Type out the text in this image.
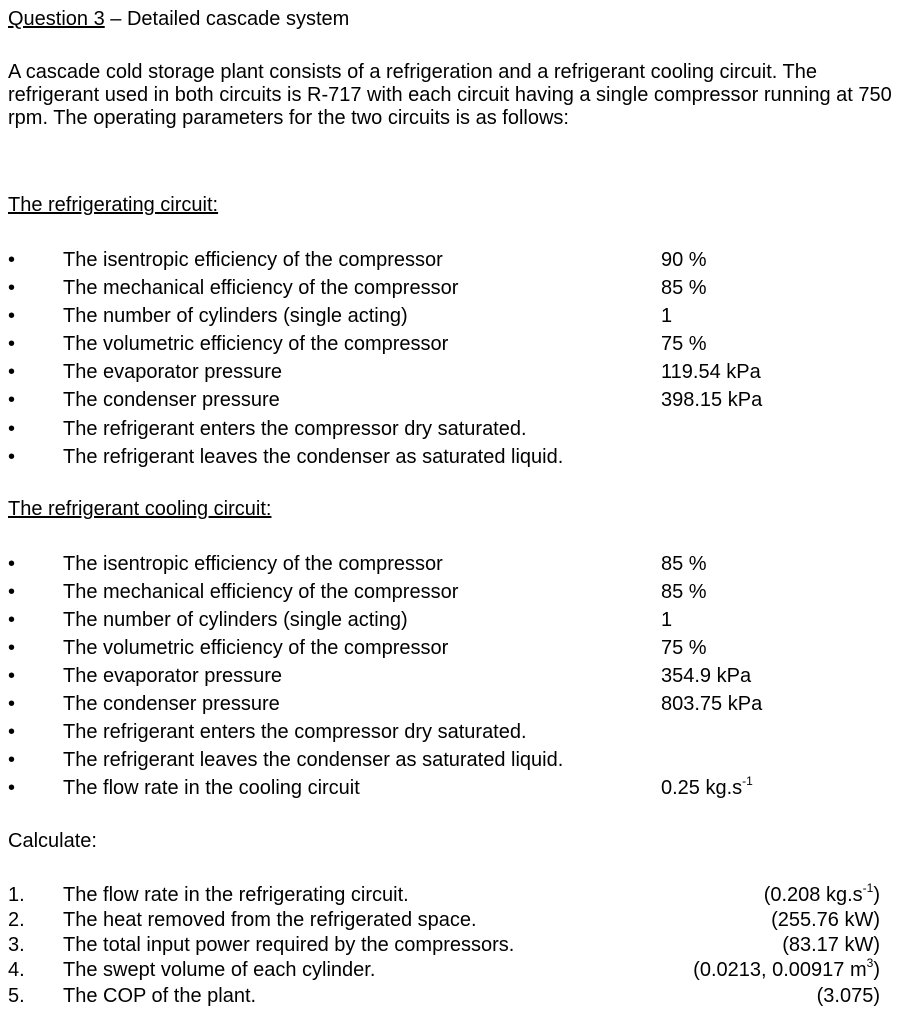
Question 3 – Detailed cascade system
A cascade cold storage plant consists of a refrigeration and a refrigerant cooling circuit. The refrigerant used in both circuits is R-717 with each circuit having a single compressor running at 750 rpm. The operating parameters for the two circuits is as follows:
The refrigerating circuit:
•
The isentropic efficiency of the compressor	90 %
•
The mechanical efficiency of the compressor	85 %
•
The number of cylinders (single acting)	1
•
The volumetric efficiency of the compressor	75 %
•
The evaporator pressure	119.54 kPa
•
The condenser pressure	398.15 kPa
•
The refrigerant enters the compressor dry saturated.
•
The refrigerant leaves the condenser as saturated liquid.
The refrigerant cooling circuit:
•
The isentropic efficiency of the compressor	85 %
•
The mechanical efficiency of the compressor	85 %
•
The number of cylinders (single acting)	1
•
The volumetric efficiency of the compressor	75 %
•
The evaporator pressure	354.9 kPa
•
The condenser pressure	803.75 kPa
•
The refrigerant enters the compressor dry saturated.
•
The refrigerant leaves the condenser as saturated liquid.
•
The flow rate in the cooling circuit	0.25 $kg.s^{-1}$
Calculate:
1. The flow rate in the refrigerating circuit.	(0.208 $kg.s^{-1}$)
2. The heat removed from the refrigerated space.	(255.76 kW)
3. The total input power required by the compressors.	(83.17 kW)
4. The swept volume of each cylinder.	(0.0213, 0.00917 $m^3$)
5. The COP of the plant.	(3.075)
